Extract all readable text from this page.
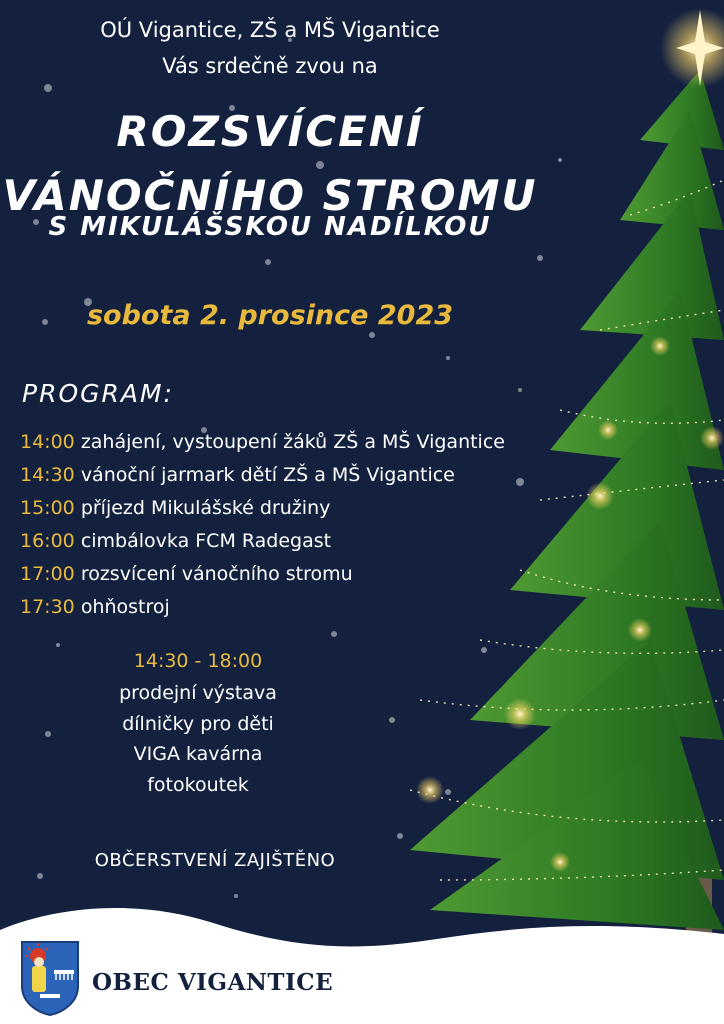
OÚ Vigantice, ZŠ a MŠ Vigantice
Vás srdečně zvou na
ROZSVÍCENÍ
VÁNOČNÍHO STROMU
S MIKULÁŠSKOU NADÍLKOU
sobota 2. prosince 2023
PROGRAM:
14:00 zahájení, vystoupení žáků ZŠ a MŠ Vigantice
14:30 vánoční jarmark dětí ZŠ a MŠ Vigantice
15:00 příjezd Mikulášské družiny
16:00 cimbálovka FCM Radegast
17:00 rozsvícení vánočního stromu
17:30 ohňostroj
14:30 - 18:00
prodejní výstava
dílničky pro děti
VIGA kavárna
fotokoutek
OBČERSTVENÍ ZAJIŠTĚNO
OBEC VIGANTICE
